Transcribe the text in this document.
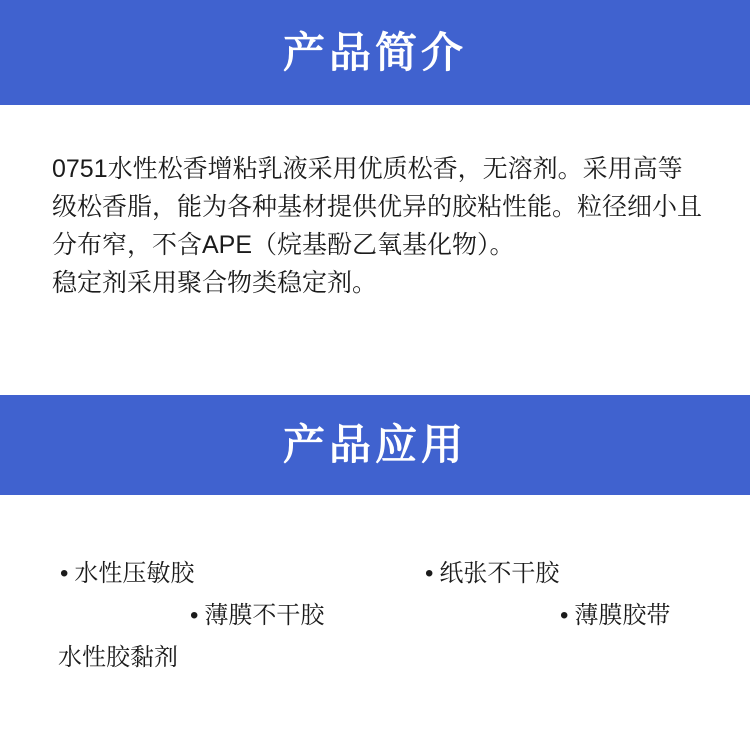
产品简介

0751水性松香增粘乳液采用优质松香，无溶剂。采用高等级松香脂，能为各种基材提供优异的胶粘性能。粒径细小且分布窄，不含APE（烷基酚乙氧基化物）。

稳定剂采用聚合物类稳定剂。

产品应用
• 水性压敏胶	• 纸张不干胶
• 薄膜不干胶	• 薄膜胶带
水性胶黏剂
